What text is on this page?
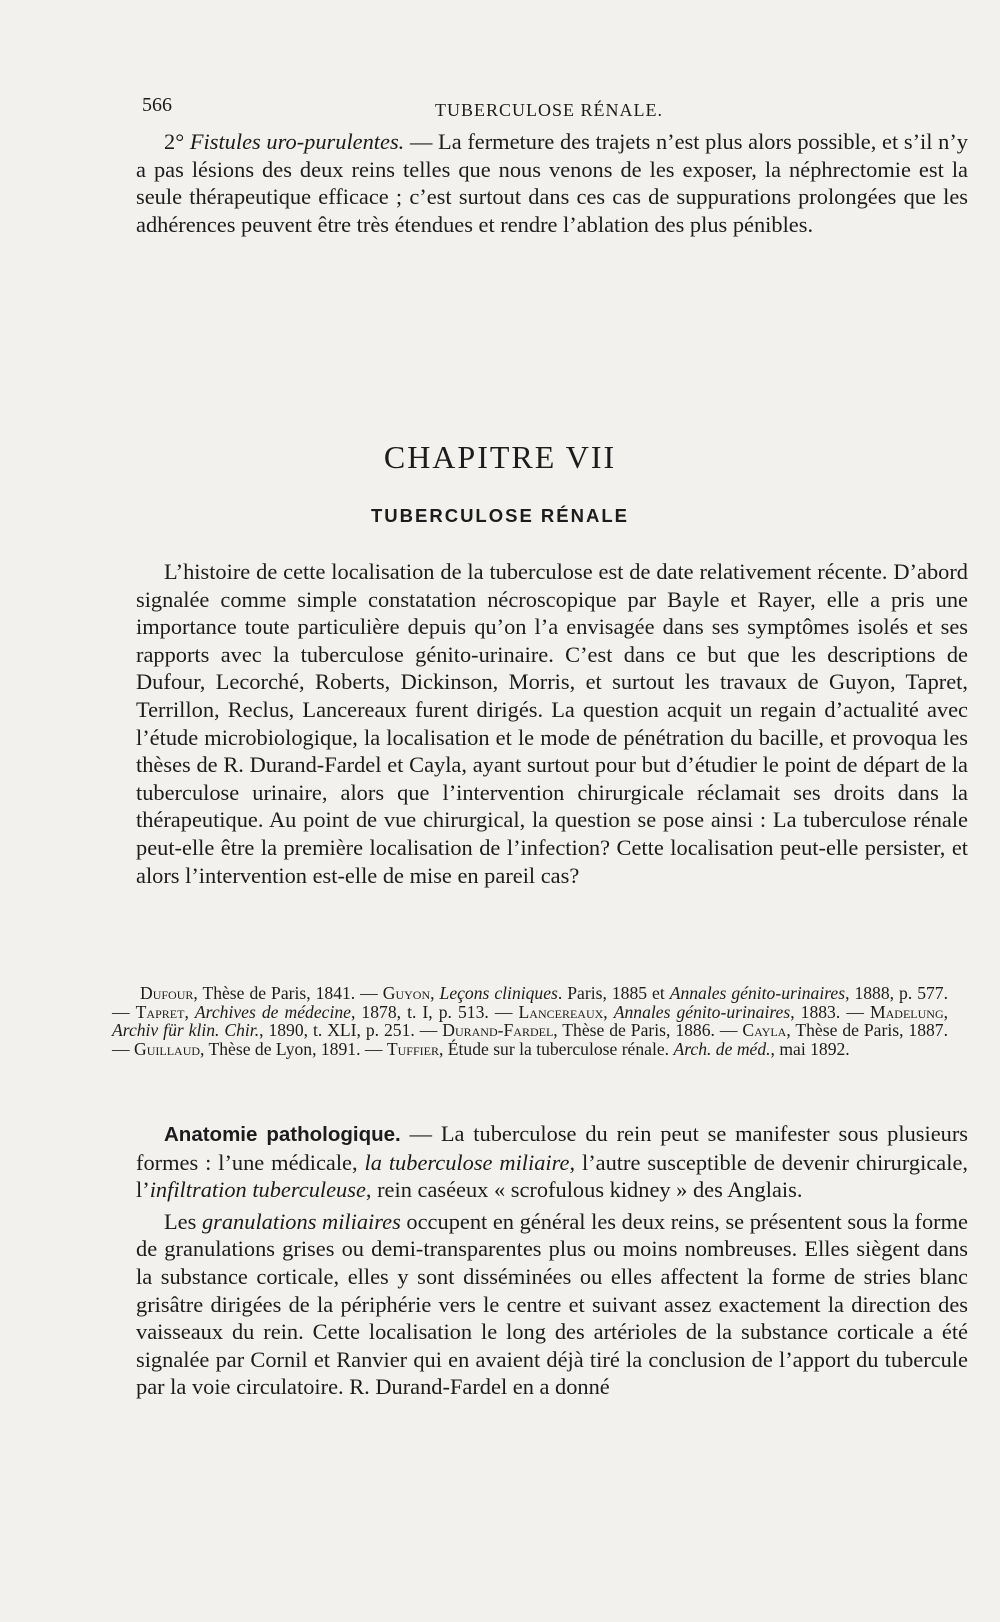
566	TUBERCULOSE RÉNALE.

2° Fistules uro-purulentes. — La fermeture des trajets n’est plus alors possible, et s’il n’y a pas lésions des deux reins telles que nous venons de les exposer, la néphrectomie est la seule thérapeutique efficace ; c’est surtout dans ces cas de suppurations prolongées que les adhérences peuvent être très étendues et rendre l’ablation des plus pénibles.

CHAPITRE VII
TUBERCULOSE RÉNALE

L’histoire de cette localisation de la tuberculose est de date relativement récente. D’abord signalée comme simple constatation nécroscopique par Bayle et Rayer, elle a pris une importance toute particulière depuis qu’on l’a envisagée dans ses symptômes isolés et ses rapports avec la tuberculose génito-urinaire. C’est dans ce but que les descriptions de Dufour, Lecorché, Roberts, Dickinson, Morris, et surtout les travaux de Guyon, Tapret, Terrillon, Reclus, Lancereaux furent dirigés. La question acquit un regain d’actualité avec l’étude microbiologique, la localisation et le mode de pénétration du bacille, et provoqua les thèses de R. Durand-Fardel et Cayla, ayant surtout pour but d’étudier le point de départ de la tuberculose urinaire, alors que l’intervention chirurgicale réclamait ses droits dans la thérapeutique. Au point de vue chirurgical, la question se pose ainsi : La tuberculose rénale peut-elle être la première localisation de l’infection? Cette localisation peut-elle persister, et alors l’intervention est-elle de mise en pareil cas?

Dufour, Thèse de Paris, 1841. — Guyon, Leçons cliniques. Paris, 1885 et Annales génito-urinaires, 1888, p. 577. — Tapret, Archives de médecine, 1878, t. I, p. 513. — Lancereaux, Annales génito-urinaires, 1883. — Madelung, Archiv für klin. Chir., 1890, t. XLI, p. 251. — Durand-Fardel, Thèse de Paris, 1886. — Cayla, Thèse de Paris, 1887. — Guillaud, Thèse de Lyon, 1891. — Tuffier, Étude sur la tuberculose rénale. Arch. de méd., mai 1892.

Anatomie pathologique. — La tuberculose du rein peut se manifester sous plusieurs formes : l’une médicale, la tuberculose miliaire, l’autre susceptible de devenir chirurgicale, l’infiltration tuberculeuse, rein caséeux « scrofulous kidney » des Anglais.

Les granulations miliaires occupent en général les deux reins, se présentent sous la forme de granulations grises ou demi-transparentes plus ou moins nombreuses. Elles siègent dans la substance corticale, elles y sont disséminées ou elles affectent la forme de stries blanc grisâtre dirigées de la périphérie vers le centre et suivant assez exactement la direction des vaisseaux du rein. Cette localisation le long des artérioles de la substance corticale a été signalée par Cornil et Ranvier qui en avaient déjà tiré la conclusion de l’apport du tubercule par la voie circulatoire. R. Durand-Fardel en a donné
